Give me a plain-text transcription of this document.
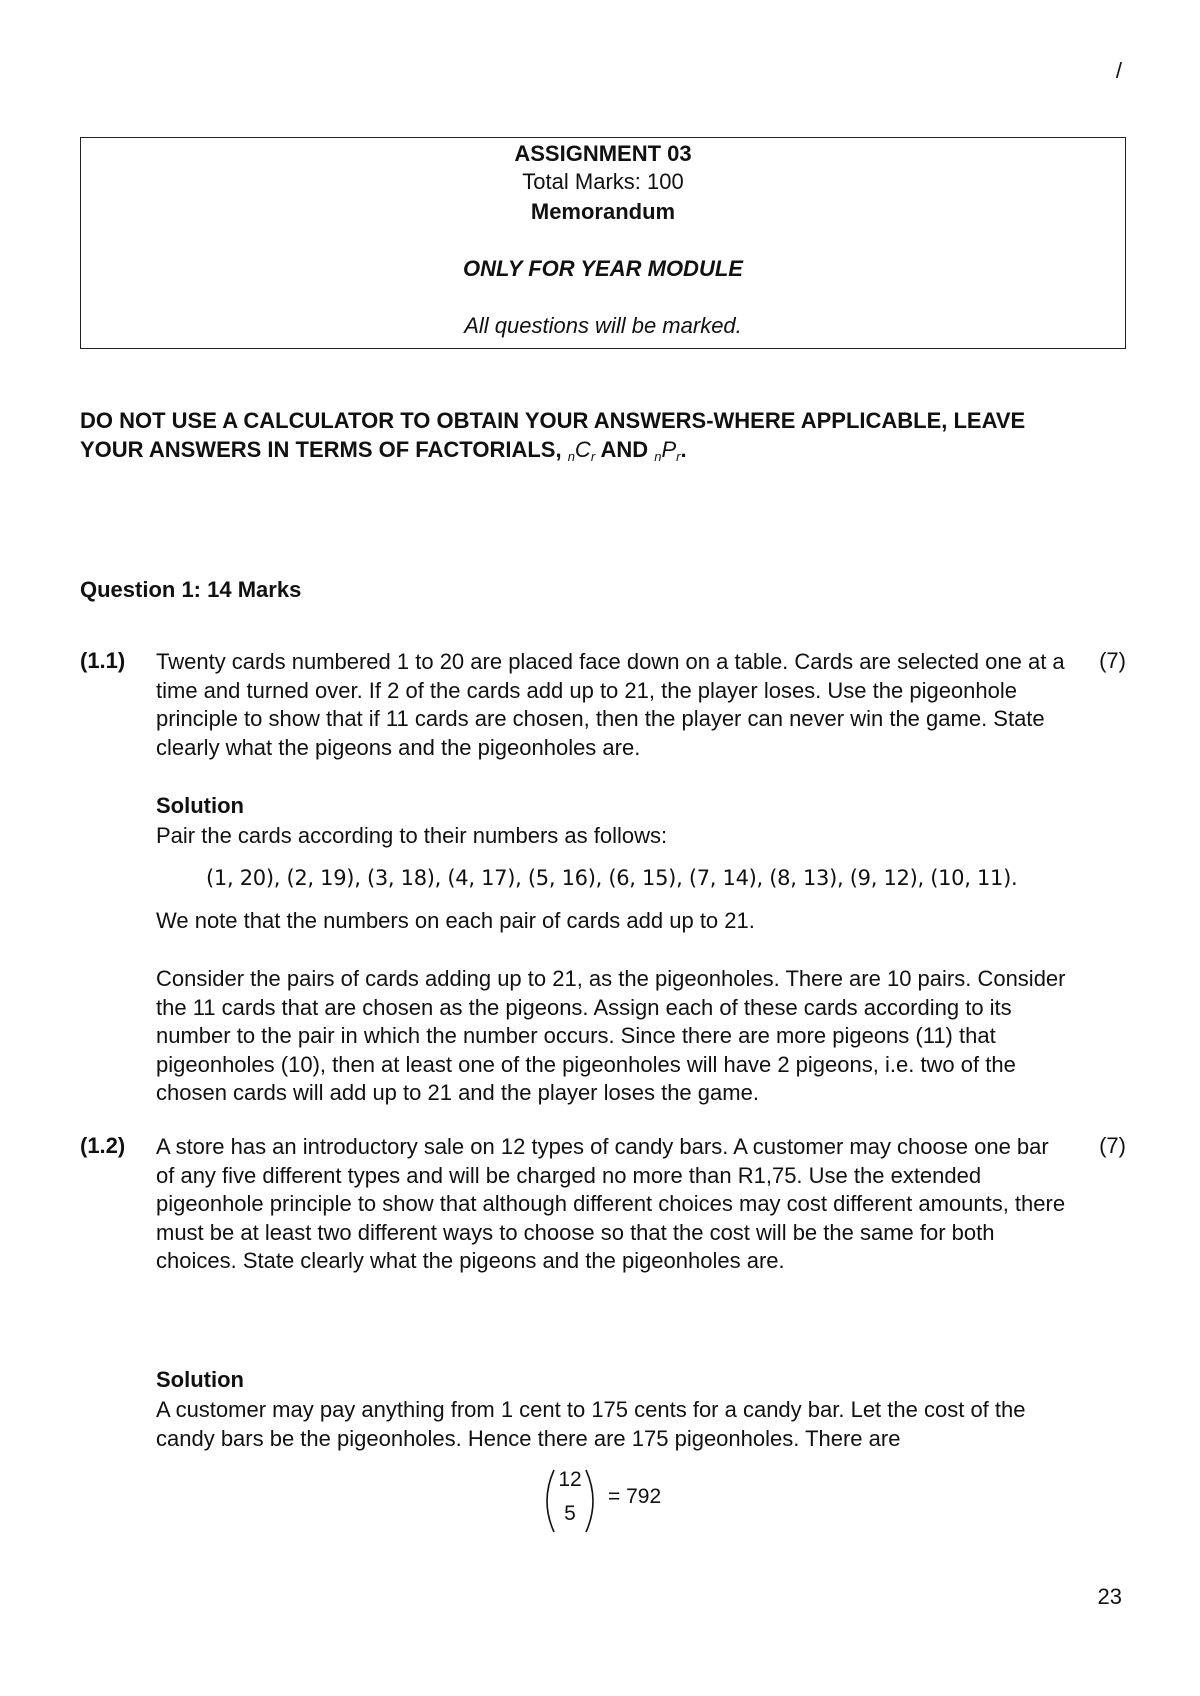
/
ASSIGNMENT 03
Total Marks: 100
Memorandum
ONLY FOR YEAR MODULE
All questions will be marked.
DO NOT USE A CALCULATOR TO OBTAIN YOUR ANSWERS-WHERE APPLICABLE, LEAVE
YOUR ANSWERS IN TERMS OF FACTORIALS, $_nC_r$ AND $_nP_r$.
Question 1: 14 Marks
(1.1)	(7)
Twenty cards numbered 1 to 20 are placed face down on a table. Cards are selected one at a time and turned over. If 2 of the cards add up to 21, the player loses. Use the pigeonhole principle to show that if 11 cards are chosen, then the player can never win the game. State clearly what the pigeons and the pigeonholes are.
Solution
Pair the cards according to their numbers as follows:
(1, 20), (2, 19), (3, 18), (4, 17), (5, 16), (6, 15), (7, 14), (8, 13), (9, 12), (10, 11).
We note that the numbers on each pair of cards add up to 21.
Consider the pairs of cards adding up to 21, as the pigeonholes. There are 10 pairs. Consider the 11 cards that are chosen as the pigeons. Assign each of these cards according to its number to the pair in which the number occurs. Since there are more pigeons (11) that pigeonholes (10), then at least one of the pigeonholes will have 2 pigeons, i.e. two of the chosen cards will add up to 21 and the player loses the game.
(1.2)	(7)
A store has an introductory sale on 12 types of candy bars. A customer may choose one bar of any five different types and will be charged no more than R1,75. Use the extended pigeonhole principle to show that although different choices may cost different amounts, there must be at least two different ways to choose so that the cost will be the same for both choices. State clearly what the pigeons and the pigeonholes are.
Solution
A customer may pay anything from 1 cent to 175 cents for a candy bar. Let the cost of the candy bars be the pigeonholes. Hence there are 175 pigeonholes. There are
12
5
= 792
23
